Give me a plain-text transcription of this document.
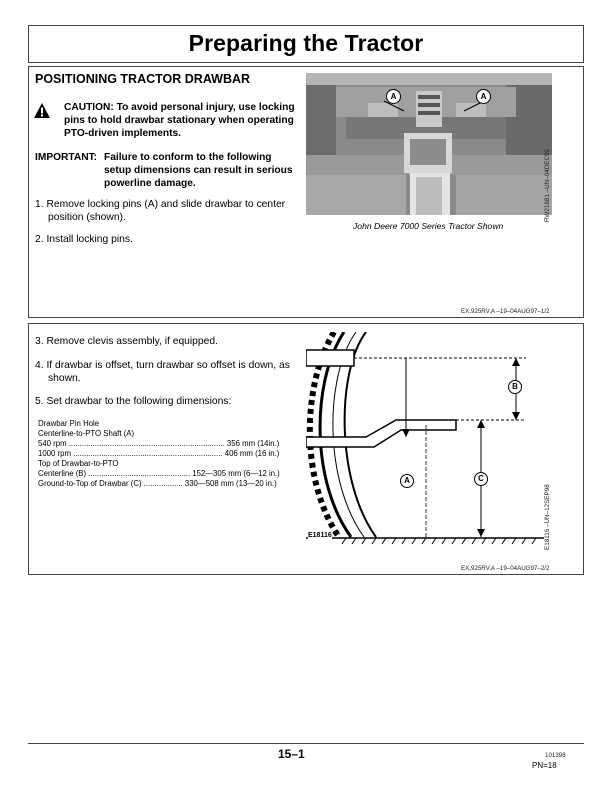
Preparing the Tractor
POSITIONING TRACTOR DRAWBAR
CAUTION: To avoid personal injury, use locking
pins to hold drawbar stationary when operating
PTO-driven implements.
IMPORTANT: Failure to conform to the following
setup dimensions can result in serious
powerline damage.
1. Remove locking pins (A) and slide drawbar to center
position (shown).
2. Install locking pins.
A	A
John Deere 7000 Series Tractor Shown
RW21881 –UN–04DEC92
EX,925RV,A –19–04AUG97–1/2
3. Remove clevis assembly, if equipped.
4. If drawbar is offset, turn drawbar so offset is down, as
shown.
5. Set drawbar to the following dimensions:
Drawbar Pin Hole
Centerline-to-PTO Shaft (A)
540 rpm ........................................................................ 356 mm (14in.)
1000 rpm ..................................................................... 406 mm (16 in.)
Top of Drawbar-to-PTO
Centerline (B) ............................................... 152—305 mm (6—12 in.)
Ground-to-Top of Drawbar (C) .................. 330—508 mm (13—20 in.)
B
C
A
E18116	E18116 –UN–12SEP98
EX,925RV,A –19–04AUG97–2/2
15–1	101398
PN=18
